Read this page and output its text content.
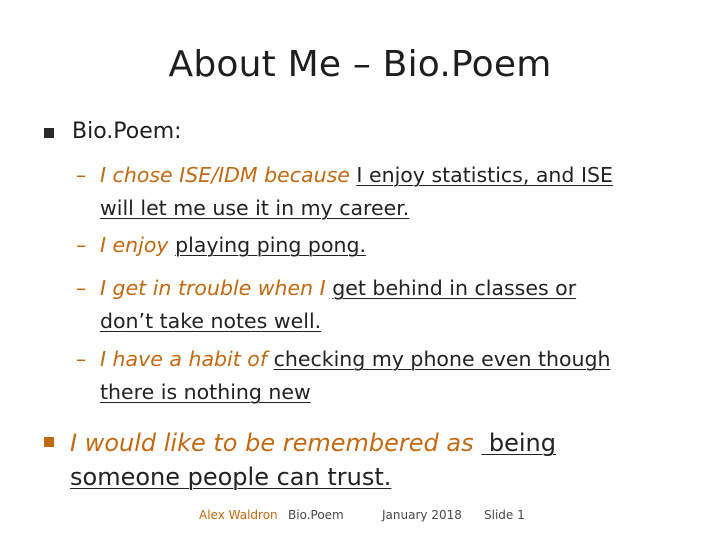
About Me – Bio.Poem
Bio.Poem:
– I chose ISE/IDM because I enjoy statistics, and ISE
will let me use it in my career.
– I enjoy playing ping pong.
– I get in trouble when I get behind in classes or
don’t take notes well.
– I have a habit of checking my phone even though
there is nothing new
I would like to be remembered as  being
someone people can trust.
Alex Waldron Bio.Poem	January 2018 Slide 1
